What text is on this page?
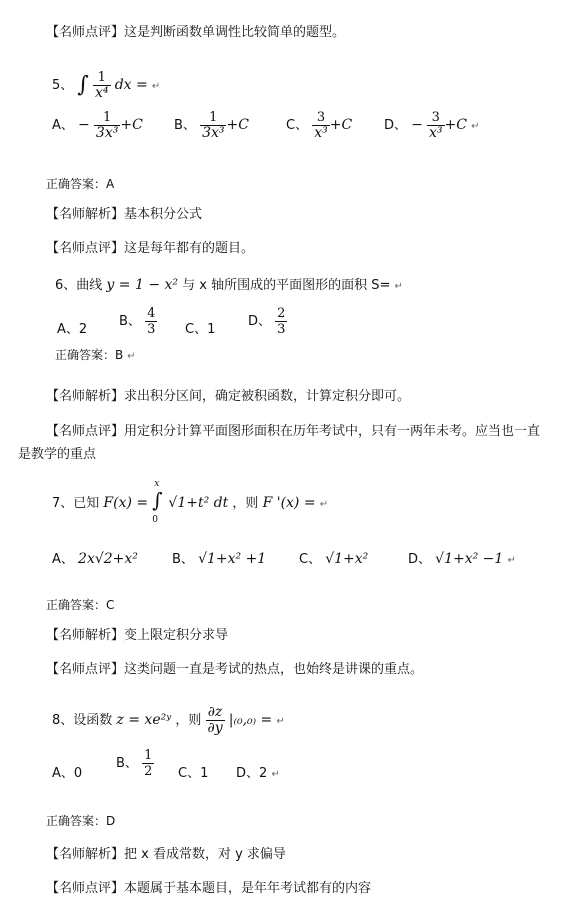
【名师点评】这是判断函数单调性比较简单的题型。
5、 ∫ $\frac{1}{\text{x⁴}}$ dx = ↵
A、 − $\frac{1}{\text{3x³}} +C$ B、 $\frac{1}{\text{3x³}} +C$	C、 $\frac{3}{\text{x³}} +C$ D、 − $\frac{3}{\text{x³}} +C$ ↵
正确答案：A
【名师解析】基本积分公式
【名师点评】这是每年都有的题目。
6、曲线 y = 1 − x² 与 x 轴所围成的平面图形的面积 S= ↵
A、2
B、 $\frac{4}{3}$ C、1
D、 $\frac{2}{3}$
正确答案：B ↵
【名师解析】求出积分区间，确定被积函数，计算定积分即可。
【名师点评】用定积分计算平面图形面积在历年考试中，只有一两年未考。应当也一直
是教学的重点
7、已知 F(x) =
x
∫
0
√1+t² dt ，则 F '(x) = ↵
A、 2x√2+x²	B、 √1+x² +1	C、 √1+x²	D、 √1+x² −1 ↵
正确答案：C
【名师解析】变上限定积分求导
【名师点评】这类问题一直是考试的热点，也始终是讲课的重点。
8、设函数 z = xe²ʸ ，则 $\frac{\partial z}{\partial y} |_{(0},_{0)}$ = ↵
A、0
B、 $\frac{1}{2}$ C、1 D、2 ↵
正确答案：D
【名师解析】把 x 看成常数，对 y 求偏导
【名师点评】本题属于基本题目，是年年考试都有的内容
